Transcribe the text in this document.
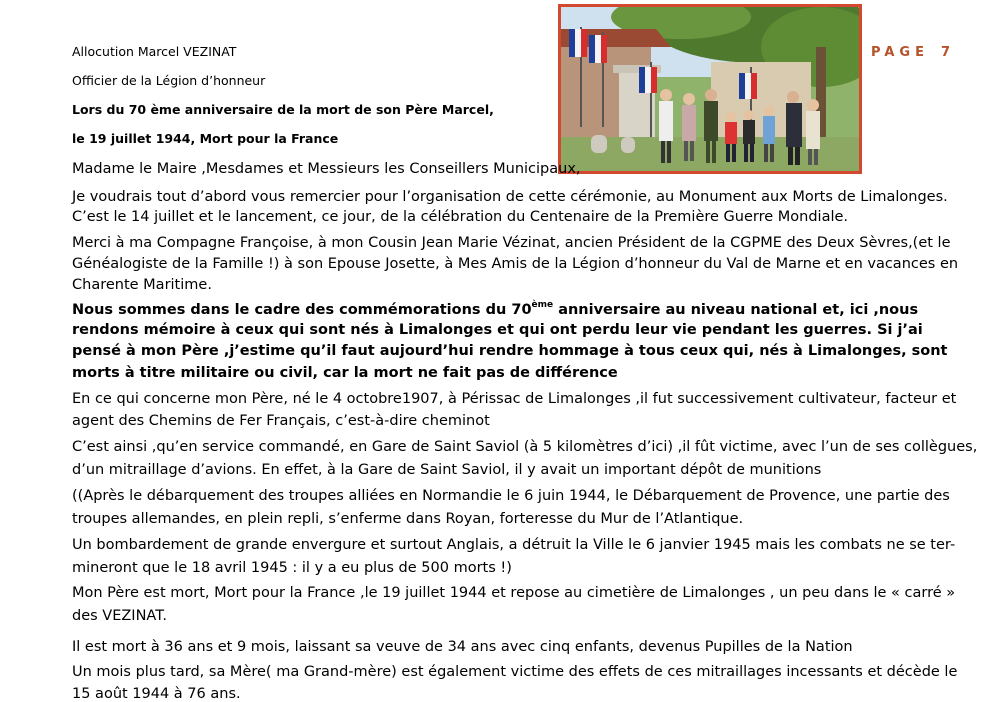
PAGE 7
Allocution Marcel VEZINAT
Officier de la Légion d’honneur
Lors du 70 ème anniversaire de la mort de son Père Marcel,
le 19 juillet 1944, Mort pour la France
Madame le Maire ,Mesdames et Messieurs les Conseillers Municipaux,
Je voudrais tout d’abord vous remercier pour l’organisation de cette cérémonie, au Monument aux Morts de Limalonges.
C’est le 14 juillet et le lancement, ce jour, de la célébration du Centenaire de la Première Guerre Mondiale.
Merci à ma Compagne Françoise, à mon Cousin Jean Marie Vézinat, ancien Président de la CGPME des Deux Sèvres,(et le
Généalogiste de la Famille !) à son Epouse Josette, à Mes Amis de la Légion d’honneur du Val de Marne et en vacances en
Charente Maritime.
Nous sommes dans le cadre des commémorations du 70ème anniversaire au niveau national et, ici ,nous
rendons mémoire à ceux qui sont nés à Limalonges et qui ont perdu leur vie pendant les guerres. Si j’ai
pensé à mon Père ,j’estime qu’il faut aujourd’hui rendre hommage à tous ceux qui, nés à Limalonges, sont
morts à titre militaire ou civil, car la mort ne fait pas de différence
En ce qui concerne mon Père, né le 4 octobre1907, à Périssac de Limalonges ,il fut successivement cultivateur, facteur et
agent des Chemins de Fer Français, c’est-à-dire cheminot
C’est ainsi ,qu’en service commandé, en Gare de Saint Saviol (à 5 kilomètres d’ici) ,il fût victime, avec l’un de ses collègues,
d’un mitraillage d’avions. En effet, à la Gare de Saint Saviol, il y avait un important dépôt de munitions
((Après le débarquement des troupes alliées en Normandie le 6 juin 1944, le Débarquement de Provence, une partie des
troupes allemandes, en plein repli, s’enferme dans Royan, forteresse du Mur de l’Atlantique.
Un bombardement de grande envergure et surtout Anglais, a détruit la Ville le 6 janvier 1945 mais les combats ne se ter-
mineront que le 18 avril 1945 : il y a eu plus de 500 morts !)
Mon Père est mort, Mort pour la France ,le 19 juillet 1944 et repose au cimetière de Limalonges , un peu dans le « carré »
des VEZINAT.
Il est mort à 36 ans et 9 mois, laissant sa veuve de 34 ans avec cinq enfants, devenus Pupilles de la Nation
Un mois plus tard, sa Mère( ma Grand-mère) est également victime des effets de ces mitraillages incessants et décède le
15 août 1944 à 76 ans.
